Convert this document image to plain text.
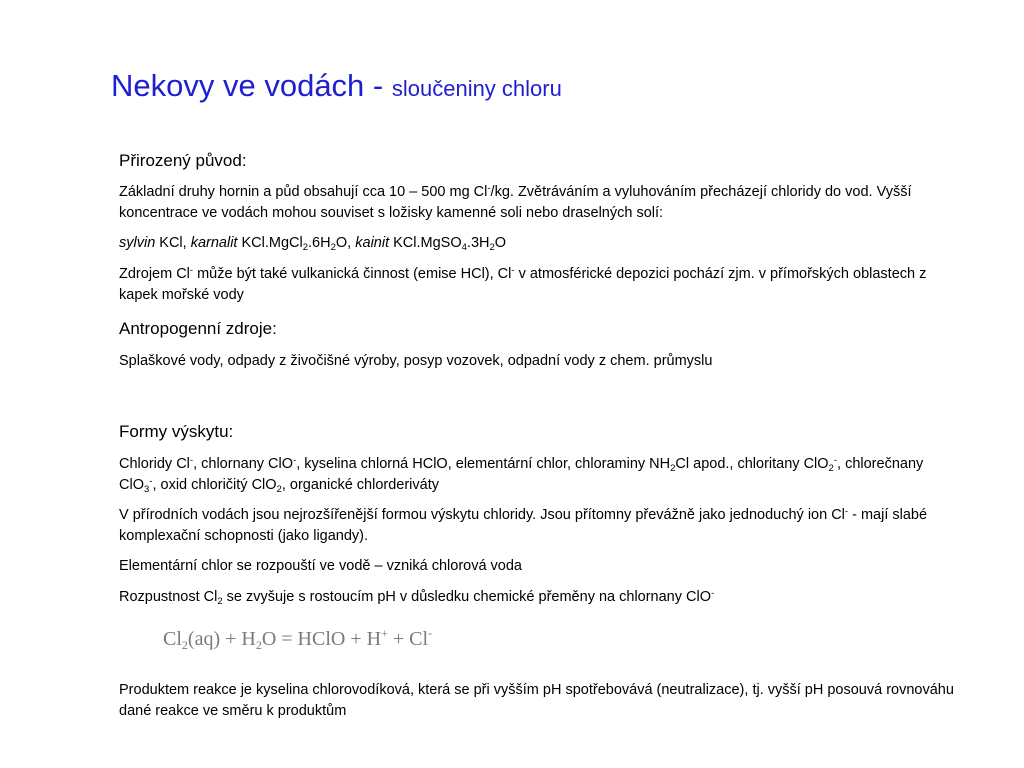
Nekovy ve vodách - sloučeniny chloru

Přirozený původ:

Základní druhy hornin a půd obsahují cca 10 – 500 mg Cl-/kg. Zvětráváním a vyluhováním přecházejí chloridy do vod. Vyšší koncentrace ve vodách mohou souviset s ložisky kamenné soli nebo draselných solí:

sylvin KCl, karnalit $KCl.MgCl_2.6H_2O$, kainit $KCl.MgSO_4.3H_2O$

Zdrojem Cl- může být také vulkanická činnost (emise HCl), Cl- v atmosférické depozici pochází zjm. v přímořských oblastech z kapek mořské vody

Antropogenní zdroje:

Splaškové vody, odpady z živočišné výroby, posyp vozovek, odpadní vody z chem. průmyslu

Formy výskytu:

Chloridy Cl-, chlornany ClO-, kyselina chlorná HClO, elementární chlor, chloraminy $NH_2Cl$ apod., chloritany ClO$_2$-, chlorečnany ClO$_3$-, oxid chloričitý ClO$_2$, organické chlorderiváty

V přírodních vodách jsou nejrozšířenější formou výskytu chloridy. Jsou přítomny převážně jako jednoduchý ion Cl- - mají slabé komplexační schopnosti (jako ligandy).

Elementární chlor se rozpouští ve vodě – vzniká chlorová voda

Rozpustnost $Cl_2$ se zvyšuje s rostoucím pH v důsledku chemické přeměny na chlornany ClO-

Produktem reakce je kyselina chlorovodíková, která se při vyšším pH spotřebovává (neutralizace), tj. vyšší pH posouvá rovnováhu dané reakce ve směru k produktům

$Cl_2(aq) + H_2O$ = HClO + H+ + Cl-
